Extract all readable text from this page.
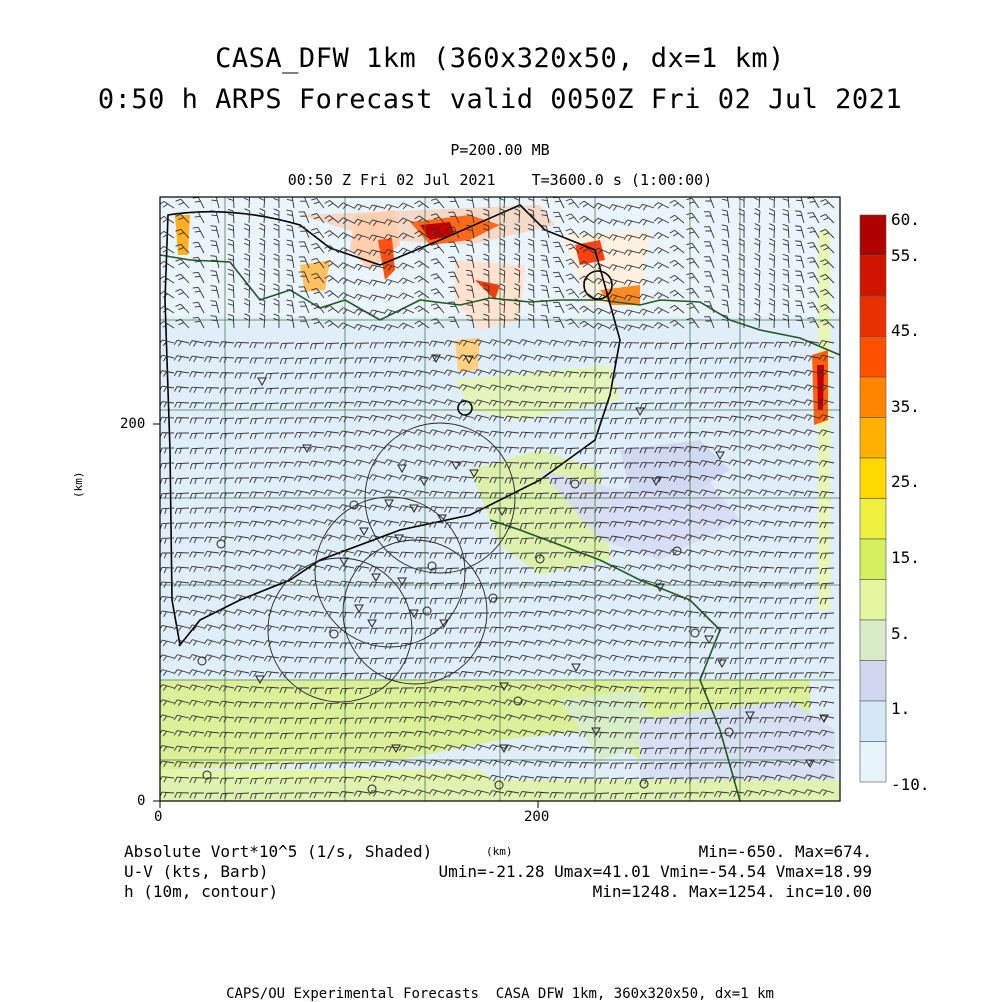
CASA_DFW 1km (360x320x50, dx=1 km)
0:50 h ARPS Forecast valid 0050Z Fri 02 Jul 2021
P=200.00 MB
00:50 Z Fri 02 Jul 2021    T=3600.0 s (1:00:00)
0	200
0
200
(km)
(km)
60.
55.
45.
35.
25.
15.
5.
1.
-10.
Absolute Vort*10^5 (1/s, Shaded)	Min=-650. Max=674.
U-V (kts, Barb)	Umin=-21.28 Umax=41.01 Vmin=-54.54 Vmax=18.99
h (10m, contour)	Min=1248. Max=1254. inc=10.00
CAPS/OU Experimental Forecasts  CASA DFW 1km, 360x320x50, dx=1 km
